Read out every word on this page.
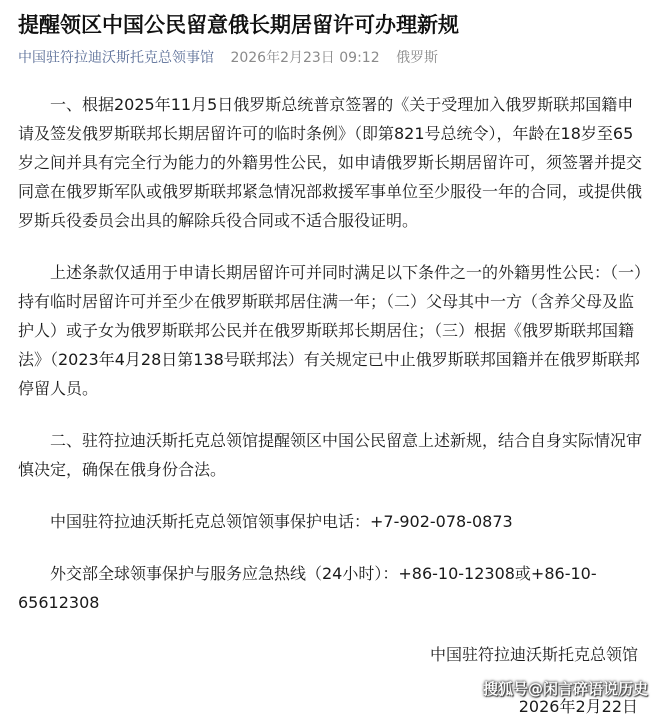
提醒领区中国公民留意俄长期居留许可办理新规
中国驻符拉迪沃斯托克总领事馆 2026年2月23日 09:12 俄罗斯

一、根据2025年11月5日俄罗斯总统普京签署的《关于受理加入俄罗斯联邦国籍申请及签发俄罗斯联邦长期居留许可的临时条例》（即第821号总统令），年龄在18岁至65岁之间并具有完全行为能力的外籍男性公民，如申请俄罗斯长期居留许可，须签署并提交同意在俄罗斯军队或俄罗斯联邦紧急情况部救援军事单位至少服役一年的合同，或提供俄罗斯兵役委员会出具的解除兵役合同或不适合服役证明。

上述条款仅适用于申请长期居留许可并同时满足以下条件之一的外籍男性公民：（一）持有临时居留许可并至少在俄罗斯联邦居住满一年；（二）父母其中一方（含养父母及监护人）或子女为俄罗斯联邦公民并在俄罗斯联邦长期居住；（三）根据《俄罗斯联邦国籍法》（2023年4月28日第138号联邦法）有关规定已中止俄罗斯联邦国籍并在俄罗斯联邦停留人员。

二、驻符拉迪沃斯托克总领馆提醒领区中国公民留意上述新规，结合自身实际情况审慎决定，确保在俄身份合法。

中国驻符拉迪沃斯托克总领馆领事保护电话：+7-902-078-0873

外交部全球领事保护与服务应急热线（24小时）：+86-10-12308或+86-10-65612308

中国驻符拉迪沃斯托克总领馆

2026年2月22日

搜狐号@闲言碎语说历史
